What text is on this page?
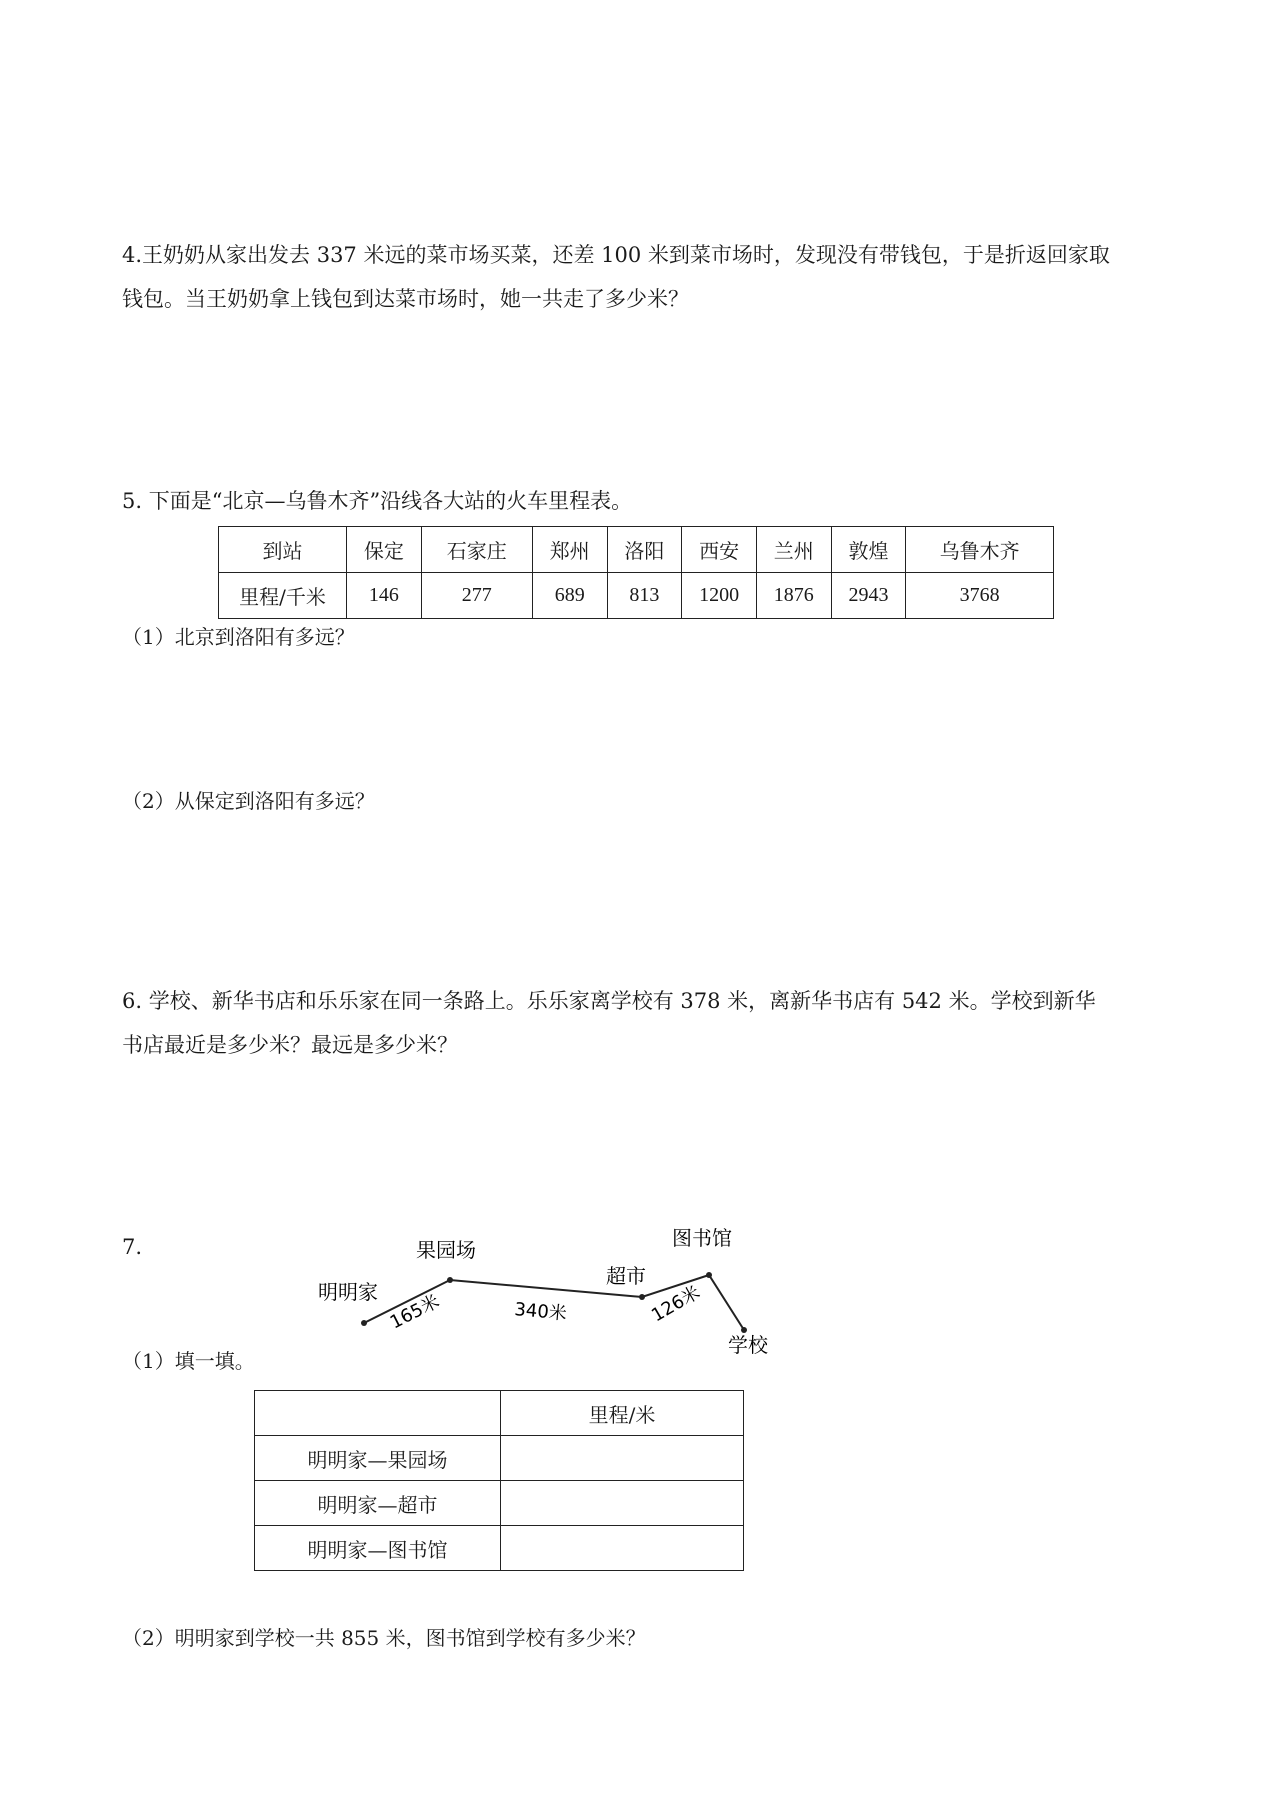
4.王奶奶从家出发去 337 米远的菜市场买菜，还差 100 米到菜市场时，发现没有带钱包，于是折返回家取
钱包。当王奶奶拿上钱包到达菜市场时，她一共走了多少米？
5. 下面是“北京—乌鲁木齐”沿线各大站的火车里程表。
到站	保定	石家庄	郑州	洛阳	西安	兰州	敦煌	乌鲁木齐
里程/千米	146	277	689	813	1200	1876	2943	3768
（1）北京到洛阳有多远？
（2）从保定到洛阳有多远？
6. 学校、新华书店和乐乐家在同一条路上。乐乐家离学校有 378 米，离新华书店有 542 米。学校到新华
书店最近是多少米？最远是多少米？
7.
明明家
果园场
超市
图书馆
学校
165米	340米	126米
（1）填一填。
	里程/米
明明家—果园场	
明明家—超市	
明明家—图书馆	
（2）明明家到学校一共 855 米，图书馆到学校有多少米？
